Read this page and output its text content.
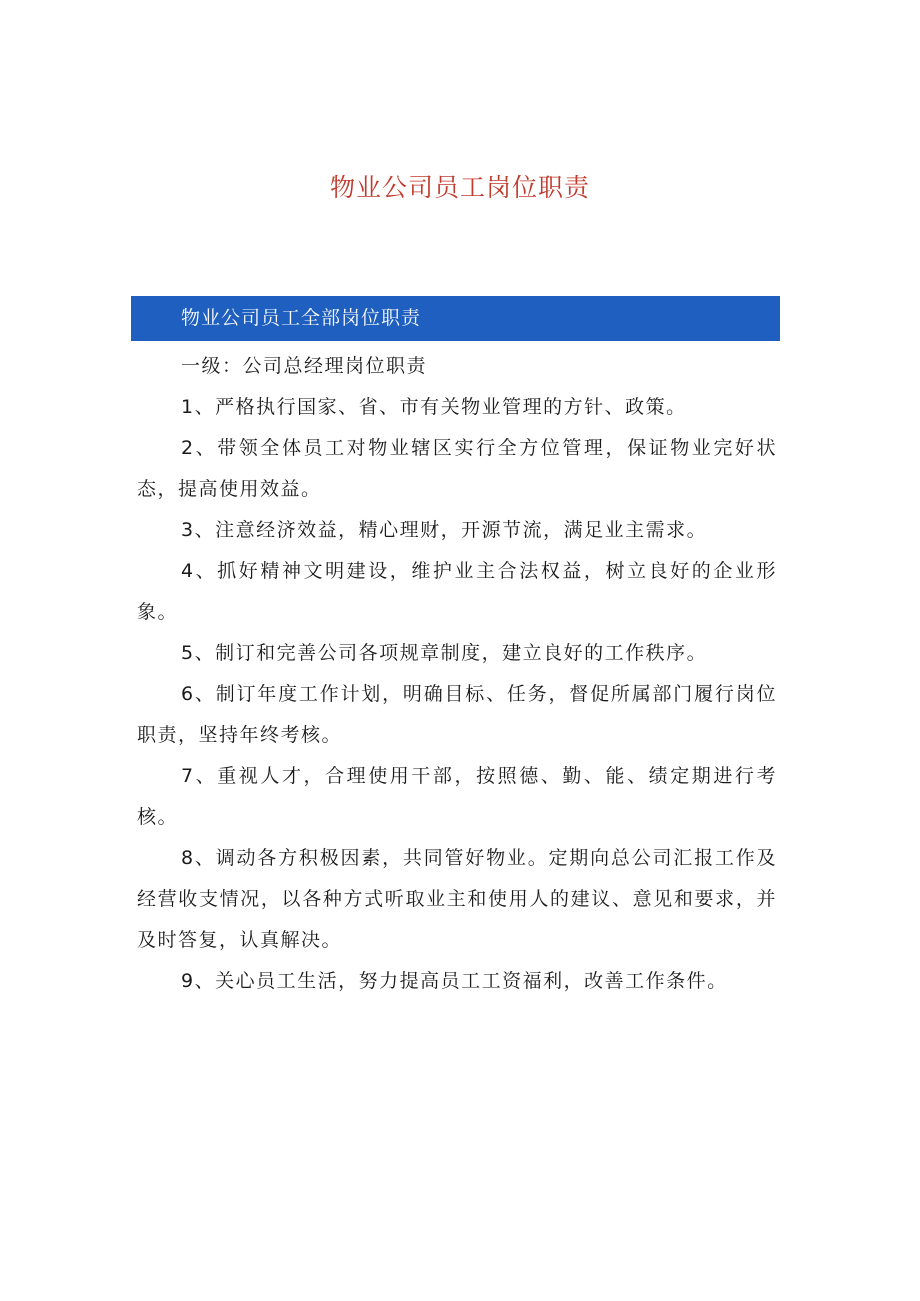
物业公司员工岗位职责
物业公司员工全部岗位职责

一级：公司总经理岗位职责

1、严格执行国家、省、市有关物业管理的方针、政策。

2、带领全体员工对物业辖区实行全方位管理，保证物业完好状态，提高使用效益。

3、注意经济效益，精心理财，开源节流，满足业主需求。

4、抓好精神文明建设，维护业主合法权益，树立良好的企业形象。

5、制订和完善公司各项规章制度，建立良好的工作秩序。

6、制订年度工作计划，明确目标、任务，督促所属部门履行岗位职责，坚持年终考核。

7、重视人才，合理使用干部，按照德、勤、能、绩定期进行考核。

8、调动各方积极因素，共同管好物业。定期向总公司汇报工作及经营收支情况，以各种方式听取业主和使用人的建议、意见和要求，并及时答复，认真解决。

9、关心员工生活，努力提高员工工资福利，改善工作条件。
